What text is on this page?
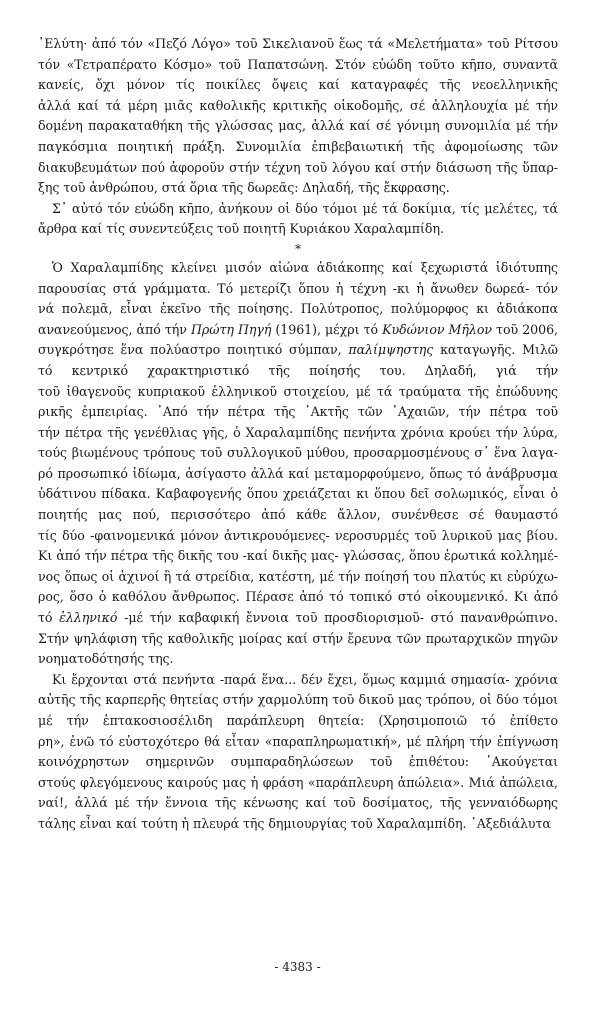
᾿Ελύτη· ἀπό τόν «Πεζό Λόγο» τοῦ Σικελιανοῦ ἕως τά «Μελετήματα» τοῦ Ρίτσου
τόν «Τετραπέρατο Κόσμο» τοῦ Παπατσώνη. Στόν εὐώδη τοῦτο κῆπο, συναντᾶ
κανείς, ὄχι μόνον τίς ποικίλες ὄψεις καί καταγραφές τῆς νεοελληνικῆς
ἀλλά καί τά μέρη μιᾶς καθολικῆς κριτικῆς οἰκοδομῆς, σέ ἀλληλουχία μέ τήν
δομένη παρακαταθήκη τῆς γλώσσας μας, ἀλλά καί σέ γόνιμη συνομιλία μέ τήν
παγκόσμια ποιητική πράξη. Συνομιλία ἐπιβεβαιωτική τῆς ἀφομοίωσης τῶν
διακυβευμάτων πού ἀφοροῦν στήν τέχνη τοῦ λόγου καί στήν διάσωση τῆς ὕπαρ-
ξης τοῦ ἀνθρώπου, στά ὅρια τῆς δωρεᾶς: Δηλαδή, τῆς ἔκφρασης.
Σ᾿ αὐτό τόν εὐώδη κῆπο, ἀνήκουν οἱ δύο τόμοι μέ τά δοκίμια, τίς μελέτες, τά
ἄρθρα καί τίς συνεντεύξεις τοῦ ποιητῆ Κυριάκου Χαραλαμπίδη.
*
Ὁ Χαραλαμπίδης κλείνει μισόν αἰώνα ἀδιάκοπης καί ξεχωριστά ἰδιότυπης
παρουσίας στά γράμματα. Τό μετερίζι ὅπου ἡ τέχνη -κι ἡ ἄνωθεν δωρεά- τόν
νά πολεμᾶ, εἶναι ἐκεῖνο τῆς ποίησης. Πολύτροπος, πολύμορφος κι ἀδιάκοπα
ανανεούμενος, ἀπό τήν Πρώτη Πηγή (1961), μέχρι τό Κυδώνιον Μῆλον τοῦ 2006,
συγκρότησε ἕνα πολύαστρο ποιητικό σύμπαν, παλίμψηστης καταγωγῆς. Μιλῶ
τό κεντρικό χαρακτηριστικό τῆς ποίησής του. Δηλαδή, γιά τήν
τοῦ ἰθαγενοῦς κυπριακοῦ ἑλληνικοῦ στοιχείου, μέ τά τραύματα τῆς ἐπώδυνης
ρικῆς ἐμπειρίας. ᾿Από τήν πέτρα τῆς ᾿Ακτῆς τῶν ᾿Αχαιῶν, τήν πέτρα τοῦ
τήν πέτρα τῆς γενέθλιας γῆς, ὁ Χαραλαμπίδης πενήντα χρόνια κρούει τήν λύρα,
τούς βιωμένους τρόπους τοῦ συλλογικοῦ μύθου, προσαρμοσμένους σ᾿ ἕνα λαγα-
ρό προσωπικό ἰδίωμα, ἀσίγαστο ἀλλά καί μεταμορφούμενο, ὅπως τό ἀνάβρυσμα
ὑδάτινου πίδακα. Καβαφογενής ὅπου χρειάζεται κι ὅπου δεῖ σολωμικός, εἶναι ὁ
ποιητής μας πού, περισσότερο ἀπό κάθε ἄλλον, συνένθεσε σέ θαυμαστό
τίς δύο -φαινομενικά μόνον ἀντικρουόμενες- νεροσυρμές τοῦ λυρικοῦ μας βίου.
Κι ἀπό τήν πέτρα τῆς δικῆς του -καί δικῆς μας- γλώσσας, ὅπου ἐρωτικά κολλημέ-
νος ὅπως οἱ ἀχινοί ἢ τά στρείδια, κατέστη, μέ τήν ποίησή του πλατύς κι εὐρύχω-
ρος, ὅσο ὁ καθόλου ἄνθρωπος. Πέρασε ἀπό τό τοπικό στό οἰκουμενικό. Κι ἀπό
τό ἑλληνικό -μέ τήν καβαφική ἔννοια τοῦ προσδιορισμοῦ- στό πανανθρώπινο.
Στήν ψηλάφιση τῆς καθολικῆς μοίρας καί στήν ἔρευνα τῶν πρωταρχικῶν πηγῶν
νοηματοδότησής της.
Κι ἔρχονται στά πενήντα -παρά ἕνα... δέν ἔχει, ὅμως καμμιά σημασία- χρόνια
αὐτῆς τῆς καρπερῆς θητείας στήν χαρμολύπη τοῦ δικοῦ μας τρόπου, οἱ δύο τόμοι
μέ τήν ἑπτακοσιοσέλιδη παράπλευρη θητεία: (Χρησιμοποιῶ τό ἐπίθετο
ρη», ἐνῶ τό εὐστοχότερο θά εἶταν «παραπληρωματική», μέ πλήρη τήν ἐπίγνωση
κοινόχρηστων σημερινῶν συμπαραδηλώσεων τοῦ ἐπιθέτου: ᾿Ακούγεται
στούς φλεγόμενους καιρούς μας ἡ φράση «παράπλευρη ἀπώλεια». Μιά ἀπώλεια,
ναί!, ἀλλά μέ τήν ἔννοια τῆς κένωσης καί τοῦ δοσίματος, τῆς γενναιόδωρης
τάλης εἶναι καί τούτη ἡ πλευρά τῆς δημιουργίας τοῦ Χαραλαμπίδη. ᾿Αξεδιάλυτα
- 4383 -
